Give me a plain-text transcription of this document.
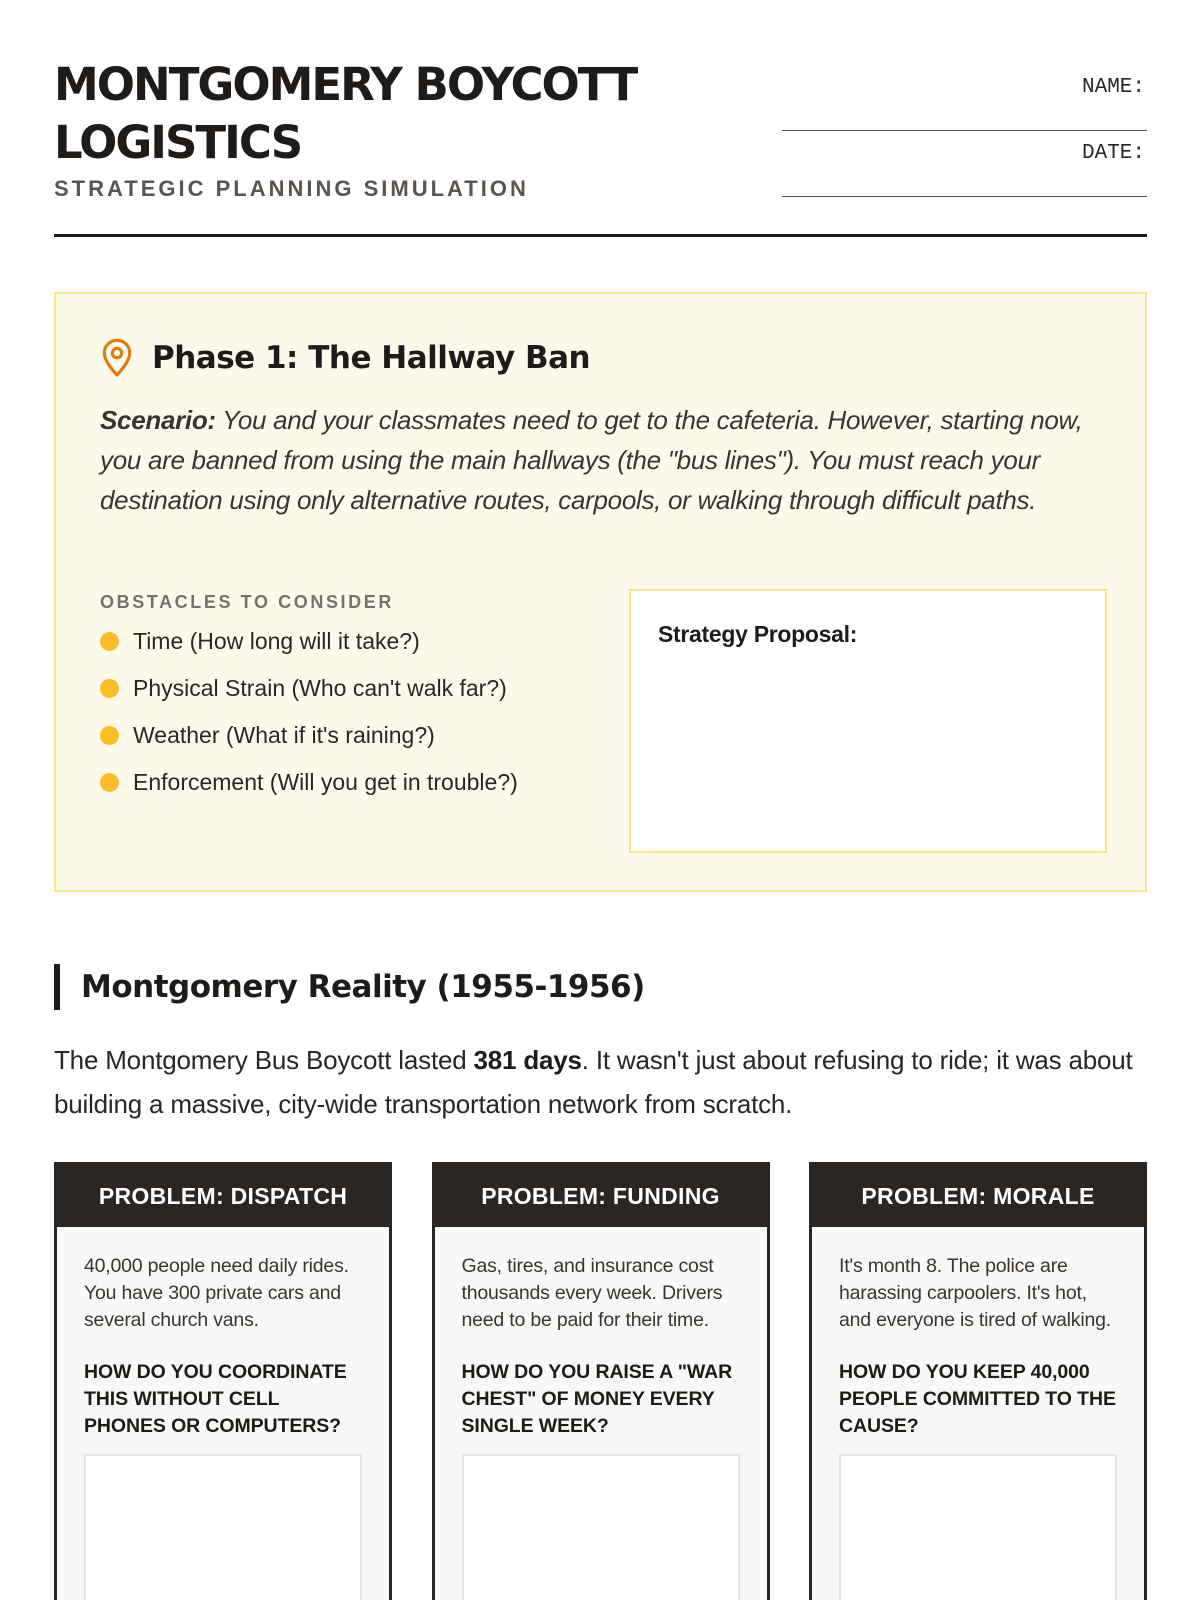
MONTGOMERY BOYCOTT LOGISTICS
STRATEGIC PLANNING SIMULATION
NAME:
DATE:
Phase 1: The Hallway Ban

Scenario: You and your classmates need to get to the cafeteria. However, starting now, you are banned from using the main hallways (the "bus lines"). You must reach your destination using only alternative routes, carpools, or walking through difficult paths.

OBSTACLES TO CONSIDER
Time (How long will it take?)
Physical Strain (Who can't walk far?)
Weather (What if it's raining?)
Enforcement (Will you get in trouble?)
Strategy Proposal:
Montgomery Reality (1955-1956)

The Montgomery Bus Boycott lasted 381 days. It wasn't just about refusing to ride; it was about building a massive, city-wide transportation network from scratch.

PROBLEM: DISPATCH

40,000 people need daily rides. You have 300 private cars and several church vans.

HOW DO YOU COORDINATE THIS WITHOUT CELL PHONES OR COMPUTERS?

PROBLEM: FUNDING

Gas, tires, and insurance cost thousands every week. Drivers need to be paid for their time.

HOW DO YOU RAISE A "WAR CHEST" OF MONEY EVERY SINGLE WEEK?

PROBLEM: MORALE

It's month 8. The police are harassing carpoolers. It's hot, and everyone is tired of walking.

HOW DO YOU KEEP 40,000 PEOPLE COMMITTED TO THE CAUSE?
